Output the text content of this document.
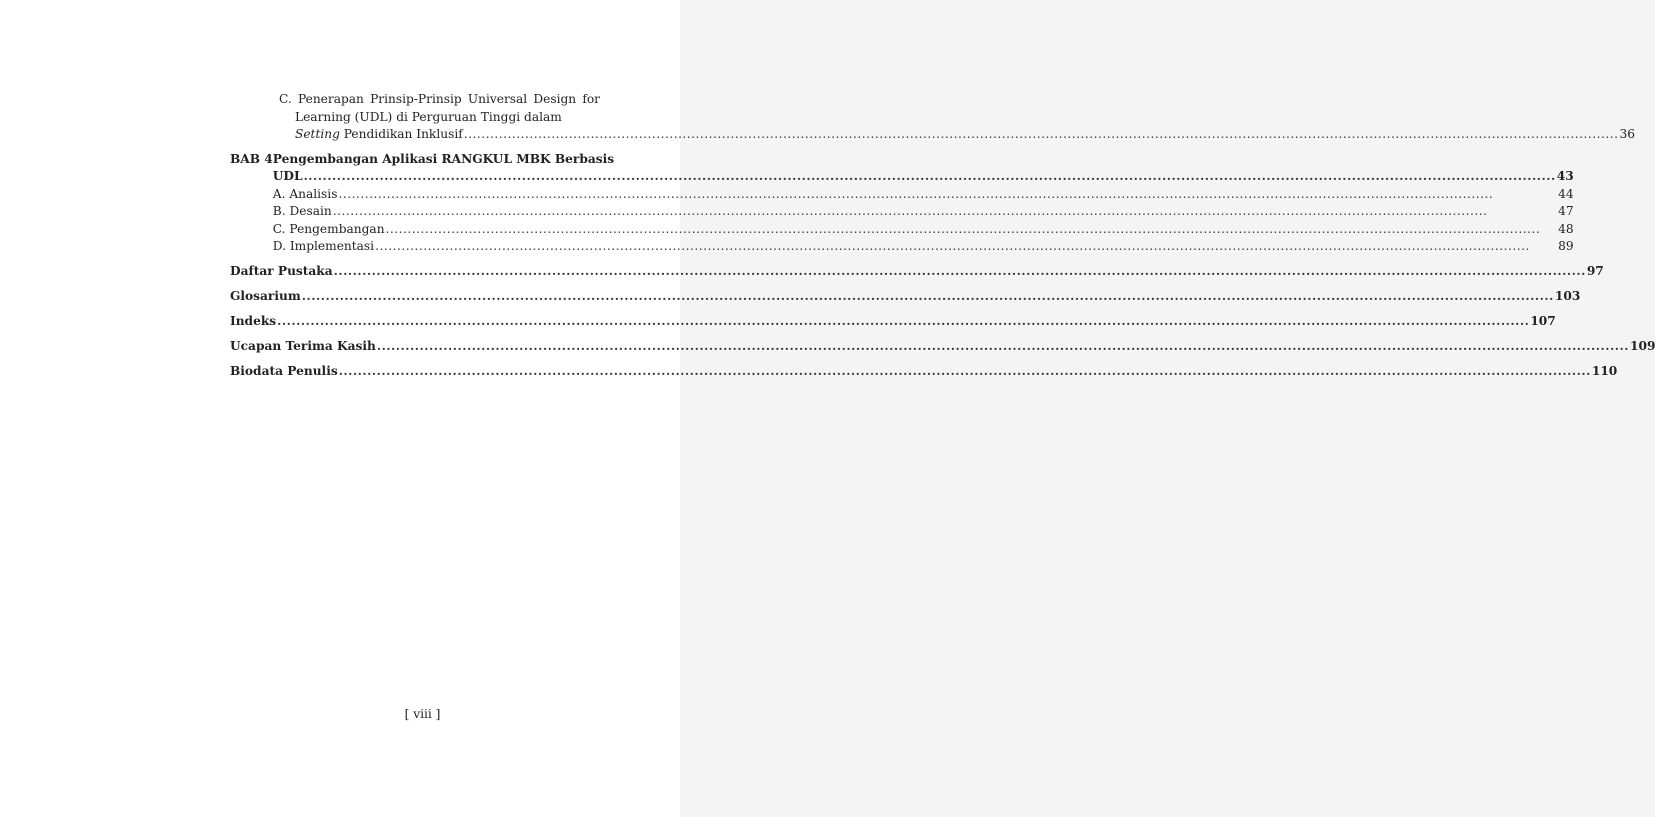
C. Penerapan Prinsip-Prinsip Universal Design for Learning (UDL) di Perguruan Tinggi dalam
Setting Pendidikan Inklusif .....	36
BAB 4 Pengembangan Aplikasi RANGKUL MBK Berbasis
UDL .....	43
A. Analisis .....	44
B. Desain .....	47
C. Pengembangan .....	48
D. Implementasi .....	89
Daftar Pustaka .....	97
Glosarium .....	103
Indeks .....	107
Ucapan Terima Kasih .....	109
Biodata Penulis .....	110
[ viii ]
